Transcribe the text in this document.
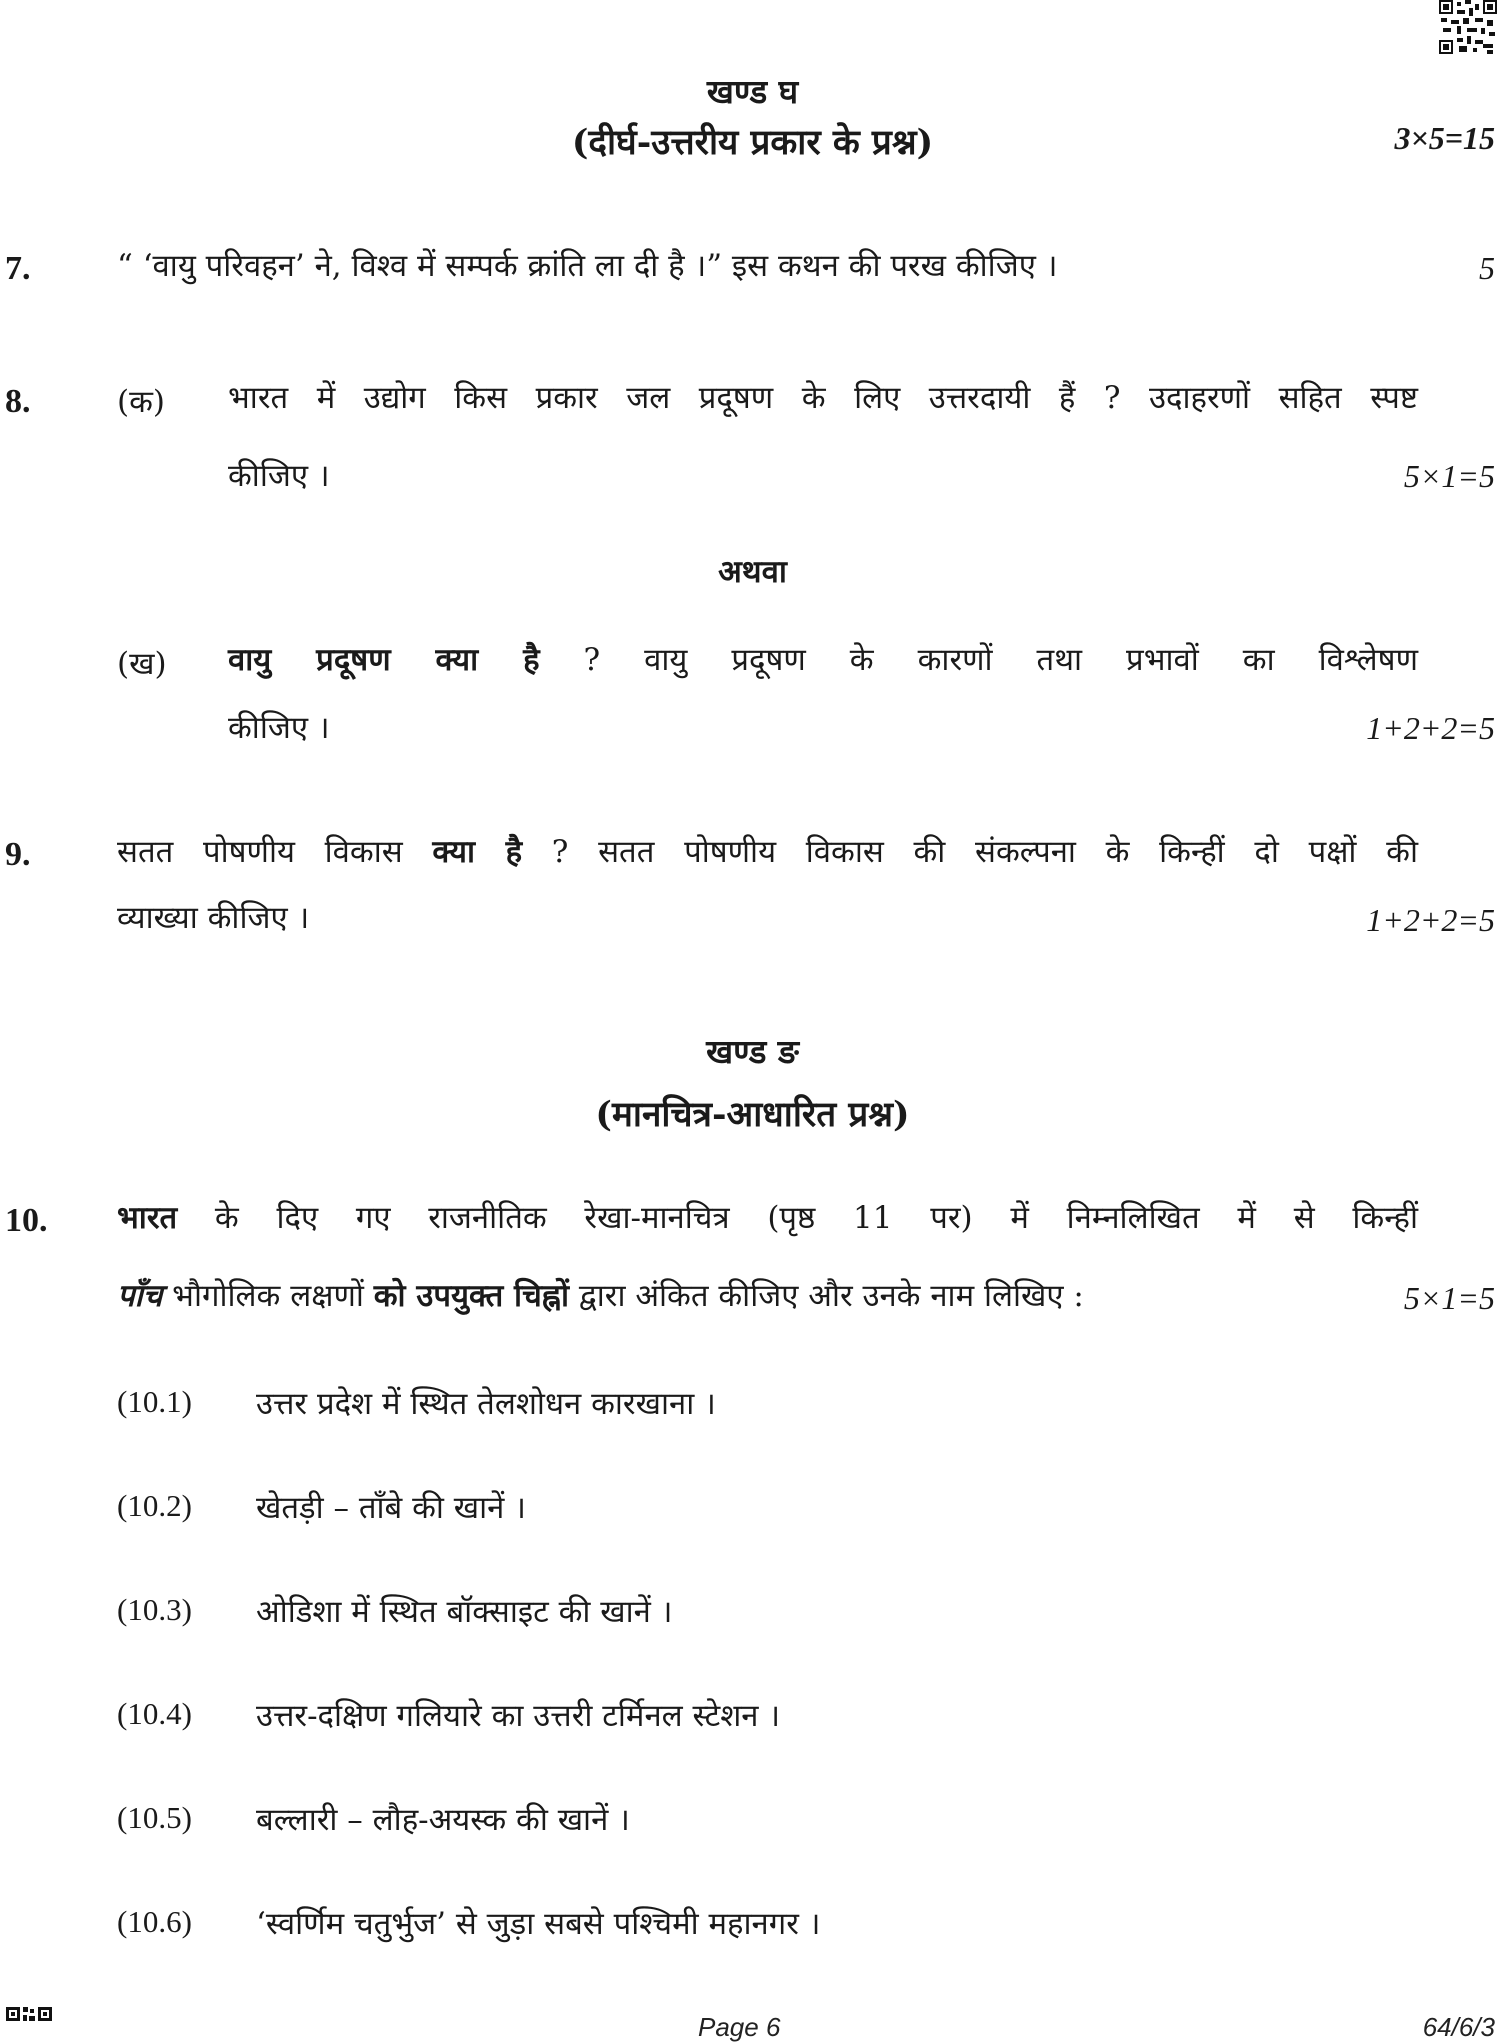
खण्ड घ
(दीर्घ-उत्तरीय प्रकार के प्रश्न)	3×5=15
7.	“ ‘वायु परिवहन’ ने, विश्व में सम्पर्क क्रांति ला दी है ।” इस कथन की परख कीजिए ।	5
8.	(क) भारत में उद्योग किस प्रकार जल प्रदूषण के लिए उत्तरदायी हैं ? उदाहरणों सहित स्पष्ट
कीजिए ।	5×1=5
अथवा
(ख) वायु प्रदूषण क्या है ? वायु प्रदूषण के कारणों तथा प्रभावों का विश्लेषण
कीजिए ।	1+2+2=5
9.	सतत पोषणीय विकास क्या है ? सतत पोषणीय विकास की संकल्पना के किन्हीं दो पक्षों की
व्याख्या कीजिए ।	1+2+2=5
खण्ड ङ
(मानचित्र-आधारित प्रश्न)
10. भारत के दिए गए राजनीतिक रेखा-मानचित्र (पृष्ठ 11 पर) में निम्नलिखित में से किन्हीं
पाँच भौगोलिक लक्षणों को उपयुक्त चिह्नों द्वारा अंकित कीजिए और उनके नाम लिखिए :	5×1=5
(10.1) उत्तर प्रदेश में स्थित तेलशोधन कारखाना ।
(10.2) खेतड़ी – ताँबे की खानें ।
(10.3) ओडिशा में स्थित बॉक्साइट की खानें ।
(10.4) उत्तर-दक्षिण गलियारे का उत्तरी टर्मिनल स्टेशन ।
(10.5) बल्लारी – लौह-अयस्क की खानें ।
(10.6) ‘स्वर्णिम चतुर्भुज’ से जुड़ा सबसे पश्चिमी महानगर ।
Page 6	64/6/3
